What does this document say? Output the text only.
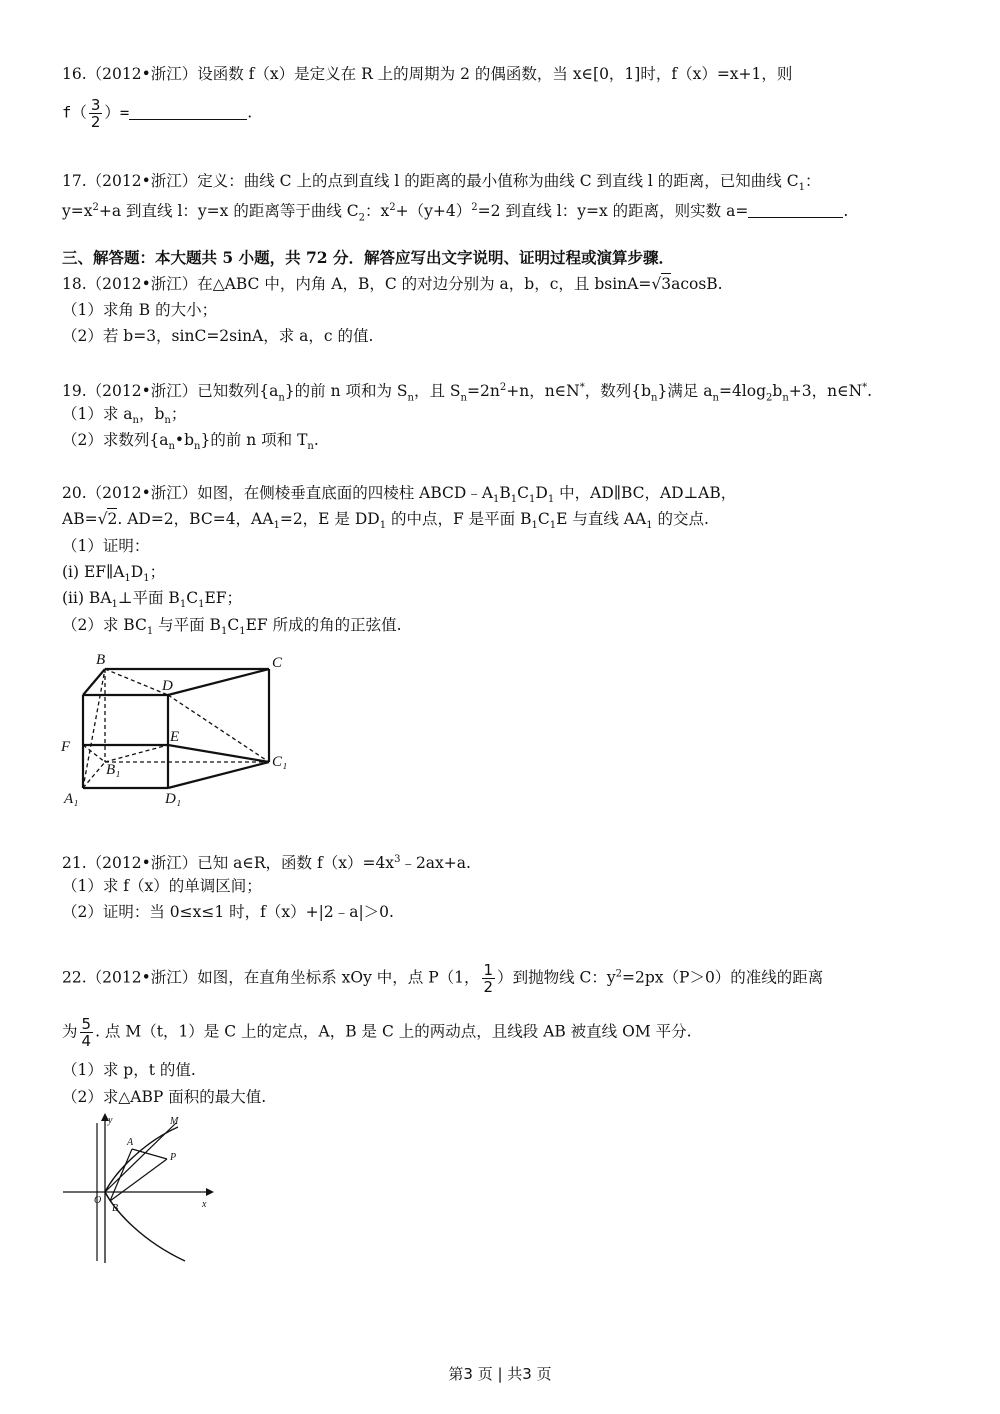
16.（2012•浙江）设函数 f（x）是定义在 R 上的周期为 2 的偶函数，当 x∈[0，1]时，f（x）=x+1，则
$f( \frac{3}{2}$ ）=	.
17.（2012•浙江）定义：曲线 C 上的点到直线 l 的距离的最小值称为曲线 C 到直线 l 的距离，已知曲线 $C_1$：
$y=x^2+a$ 到直线 l：y=x 的距离等于曲线 $C_2$：$x^2+(y+4)^2=2$ 到直线 l：y=x 的距离，则实数 a=	.
三、解答题：本大题共 5 小题，共 72 分．解答应写出文字说明、证明过程或演算步骤．
18.（2012•浙江）在△ABC 中，内角 A，B，C 的对边分别为 a，b，c，且 bsinA=√3acosB.
（1）求角 B 的大小；
（2）若 b=3，sinC=2sinA，求 a，c 的值.
19.（2012•浙江）已知数列$\{a_n\}$的前 n 项和为 $S_n$，且 $S_n=2n^2+n$，n∈N*，数列$\{b_n\}$满足 $a_n=4\log_2b_n+3$，n∈N*.
（1）求 $a_n$，$b_n$；
（2）求数列$\{a_n•b_n\}$的前 n 项和 $T_n$.
20.（2012•浙江）如图，在侧棱垂直底面的四棱柱 $ABCD﹣A_1B_1C_1D_1$ 中，AD∥BC，AD⊥AB，
AB=√2. AD=2，BC=4，$AA_1=2$，E 是 $DD_1$ 的中点，F 是平面 $B_1C_1E$ 与直线 $AA_1$ 的交点.
（1）证明：
(ⅰ) $EF\parallel A_1D_1$；
(ⅱ) $BA_1\perp$平面 $B_1C_1EF$；
（2）求 $BC_1$ 与平面 $B_1C_1EF$ 所成的角的正弦值.
B	C
D
F
E
B₁	C₁
A₁	D₁
21.（2012•浙江）已知 a∈R，函数 $f(x)=4x^3﹣2ax+a$.
（1）求 f（x）的单调区间；
（2）证明：当 0≤x≤1 时，f（x）+|2﹣a|＞0.
22.（2012•浙江）如图，在直角坐标系 xOy 中，点 P（1， $\frac{1}{2}$ ）到抛物线 C：$y^2=2px(P>0)$的准线的距离
为 $\frac{5}{4}$ . 点 M（t，1）是 C 上的定点，A，B 是 C 上的两动点，且线段 AB 被直线 OM 平分.
（1）求 p，t 的值.
（2）求△ABP 面积的最大值.
y
x
M
A
P
O
B
第3 页 | 共3 页
